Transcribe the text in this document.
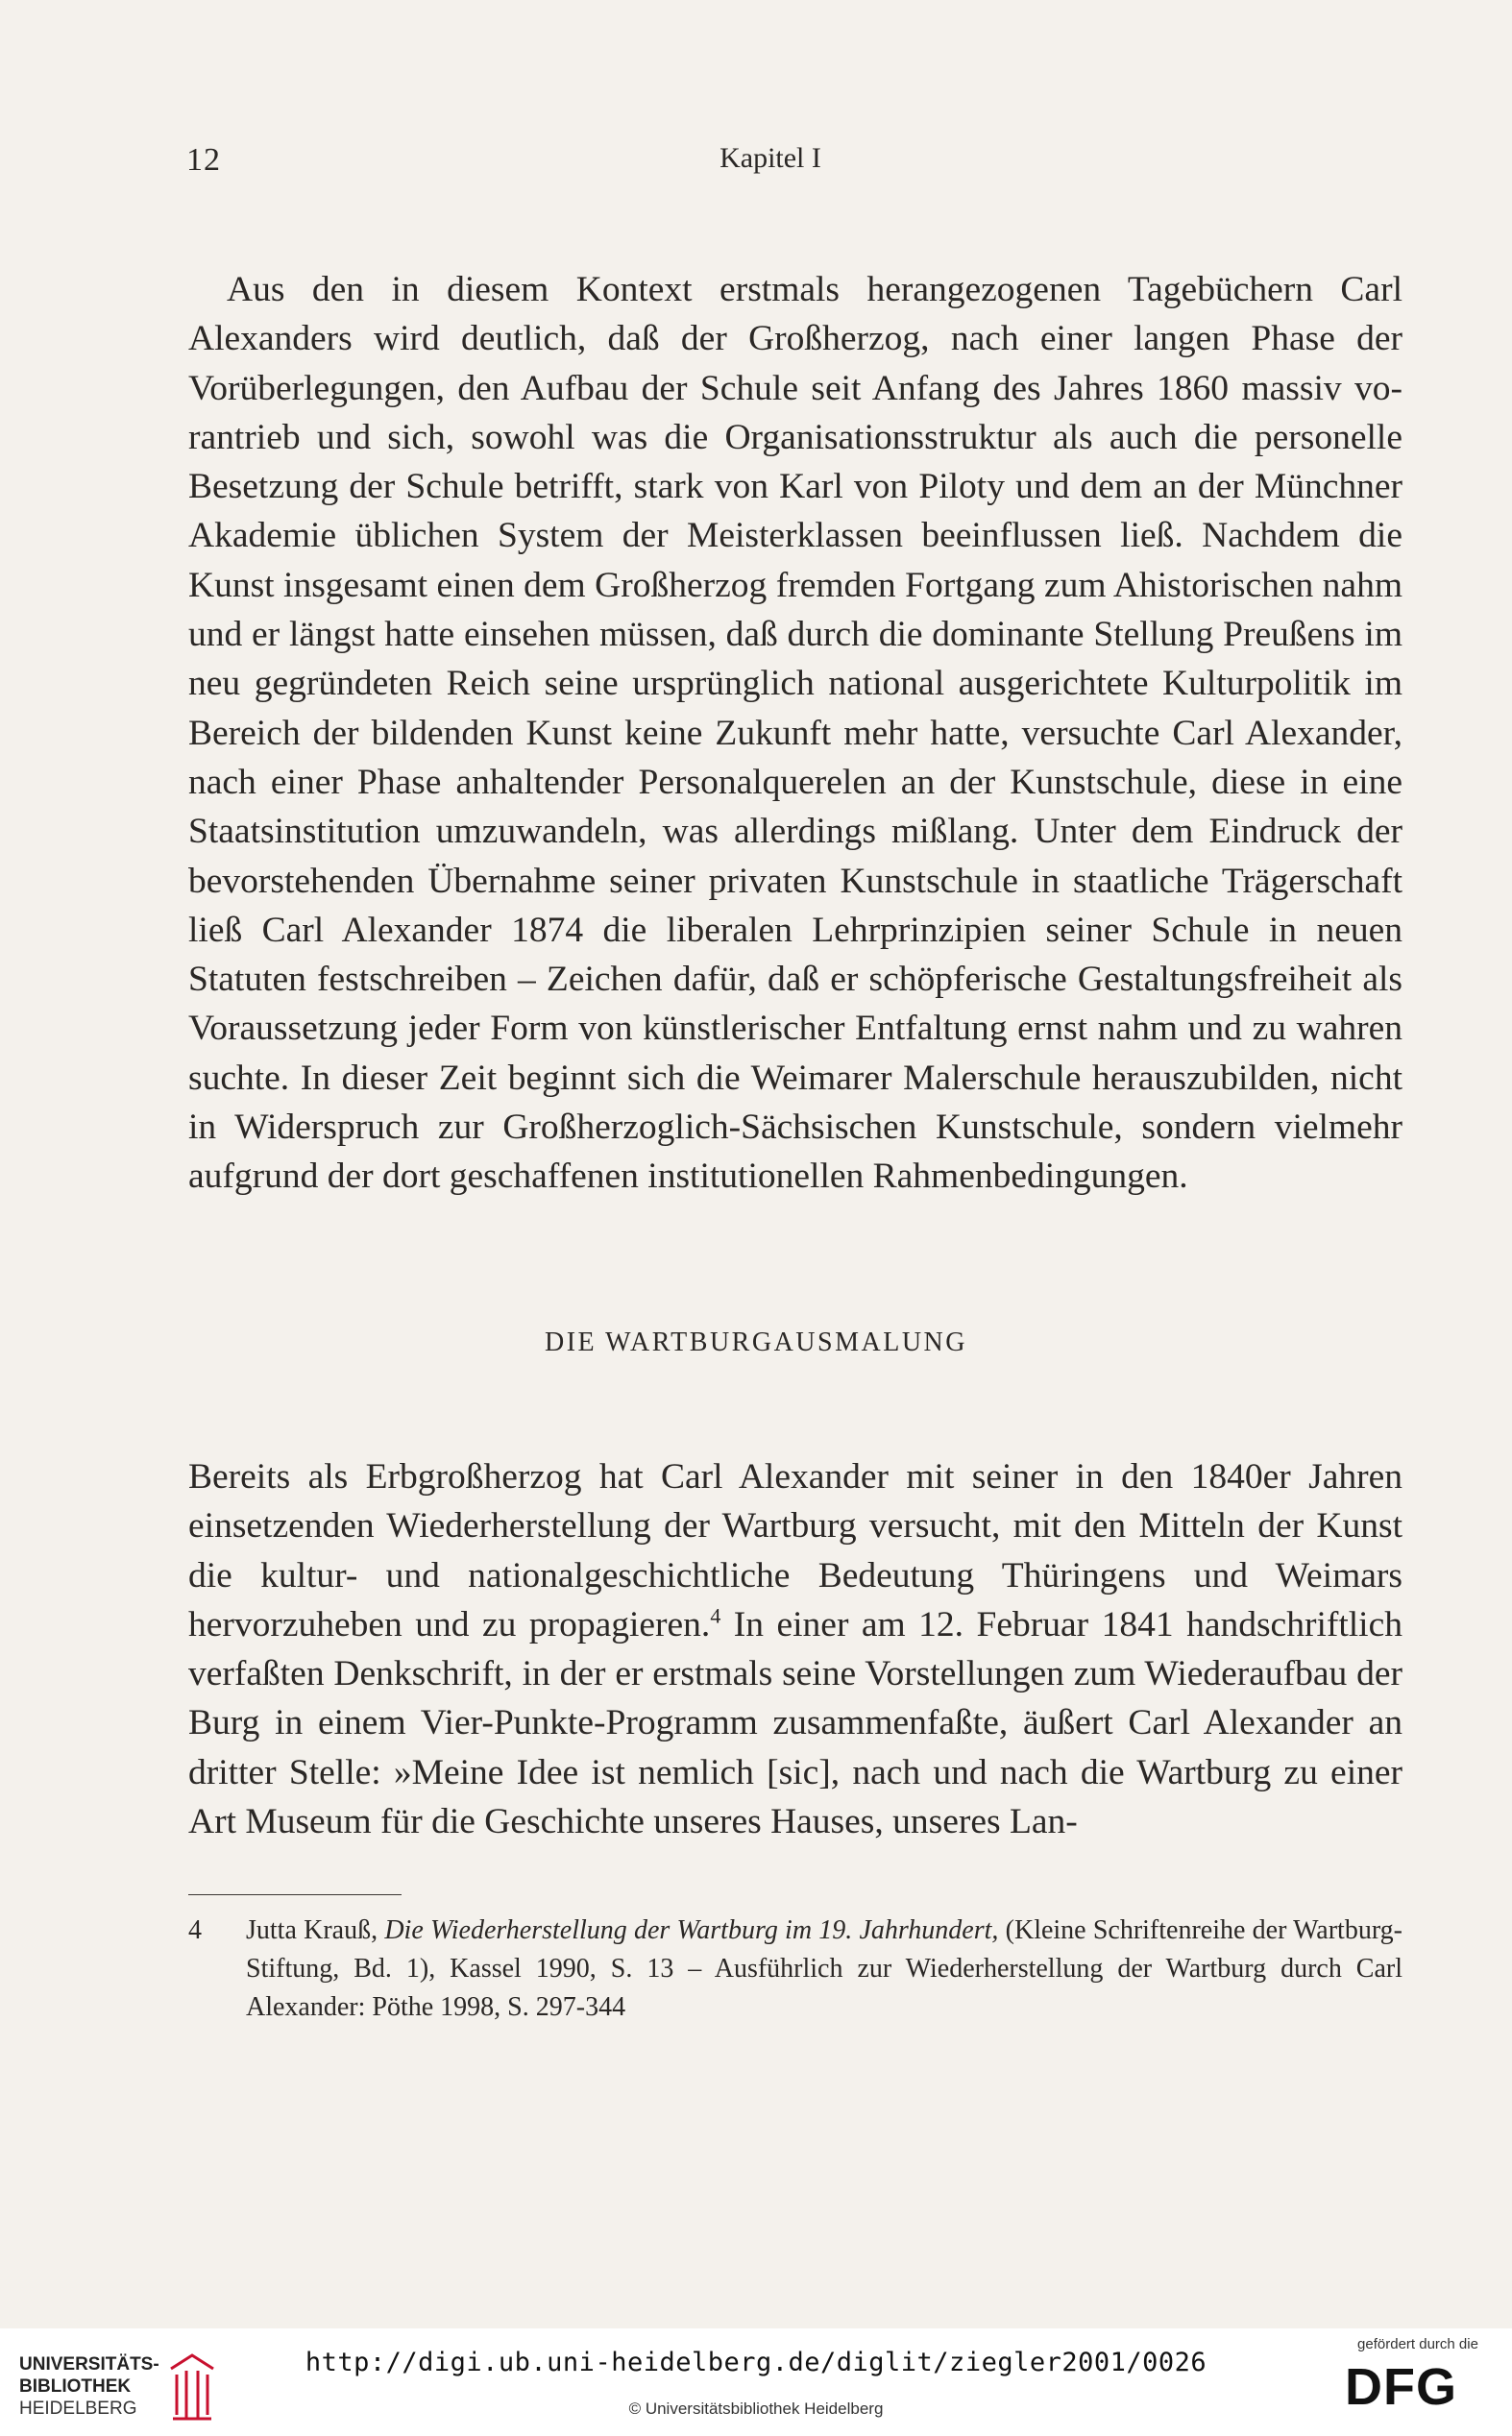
12	Kapitel I

Aus den in diesem Kontext erstmals herangezogenen Tagebüchern Carl Alexanders wird deutlich, daß der Großherzog, nach einer langen Phase der Vorüberlegungen, den Aufbau der Schule seit Anfang des Jahres 1860 massiv vorantrieb und sich, sowohl was die Organisationsstruktur als auch die personelle Besetzung der Schule betrifft, stark von Karl von Piloty und dem an der Münchner Akademie üblichen System der Meisterklassen beeinflussen ließ. Nachdem die Kunst insgesamt einen dem Großherzog fremden Fortgang zum Ahistorischen nahm und er längst hatte einsehen müssen, daß durch die dominante Stellung Preußens im neu gegründeten Reich seine ursprünglich national ausgerichtete Kulturpolitik im Bereich der bildenden Kunst keine Zukunft mehr hatte, versuchte Carl Alexander, nach einer Phase anhaltender Personalquerelen an der Kunstschule, diese in eine Staatsinstitution umzuwandeln, was allerdings mißlang. Unter dem Eindruck der bevorstehenden Übernahme seiner privaten Kunstschule in staatliche Trägerschaft ließ Carl Alexander 1874 die liberalen Lehrprinzipien seiner Schule in neuen Statuten festschreiben – Zeichen dafür, daß er schöpferische Gestaltungsfreiheit als Voraussetzung jeder Form von künstlerischer Entfaltung ernst nahm und zu wahren suchte. In dieser Zeit beginnt sich die Weimarer Malerschule herauszubilden, nicht in Widerspruch zur Großherzoglich-Sächsischen Kunstschule, sondern vielmehr aufgrund der dort geschaffenen institutionellen Rahmenbedingungen.

DIE WARTBURGAUSMALUNG

Bereits als Erbgroßherzog hat Carl Alexander mit seiner in den 1840er Jahren einsetzenden Wiederherstellung der Wartburg versucht, mit den Mitteln der Kunst die kultur- und nationalgeschichtliche Bedeutung Thüringens und Weimars hervorzuheben und zu propagieren.$^4$ In einer am 12. Februar 1841 handschriftlich verfaßten Denkschrift, in der er erstmals seine Vorstellungen zum Wiederaufbau der Burg in einem Vier-Punkte-Programm zusammenfaßte, äußert Carl Alexander an dritter Stelle: »Meine Idee ist nemlich [sic], nach und nach die Wartburg zu einer Art Museum für die Geschichte unseres Hauses, unseres Lan-

4 Jutta Krauß, Die Wiederherstellung der Wartburg im 19. Jahrhundert, (Kleine Schriftenreihe der Wartburg-Stiftung, Bd. 1), Kassel 1990, S. 13 – Ausführlich zur Wiederherstellung der Wartburg durch Carl Alexander: Pöthe 1998, S. 297-344
UNIVERSITÄTS-
BIBLIOTHEK
HEIDELBERG
gefördert durch die
DFG
http://digi.ub.uni-heidelberg.de/diglit/ziegler2001/0026
© Universitätsbibliothek Heidelberg
